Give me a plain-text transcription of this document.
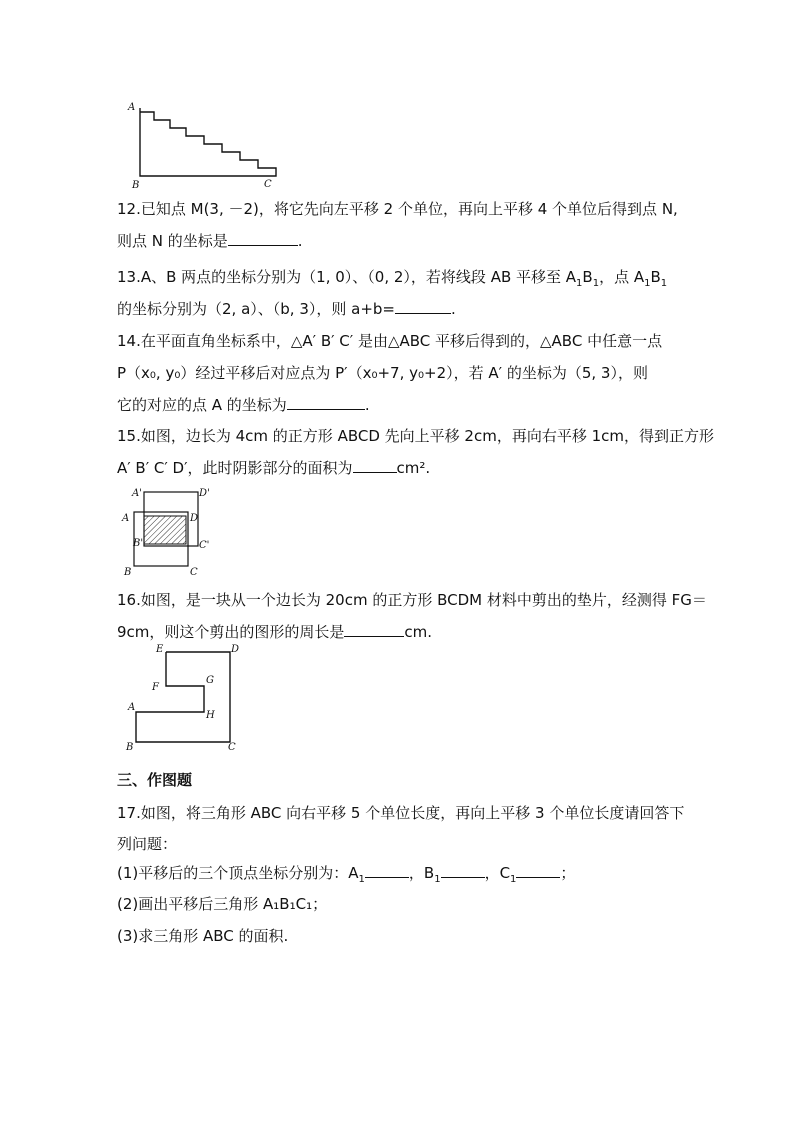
A
B	C
12.已知点 M(3, －2)，将它先向左平移 2 个单位，再向上平移 4 个单位后得到点 N,
则点 N 的坐标是	.
13.A、B 两点的坐标分别为（1, 0）、（0, 2），若将线段 AB 平移至 $A_1B_1$，点 $A_1B_1$
的坐标分别为（2, a）、（b, 3），则 a+b=	.
14.在平面直角坐标系中，△A′ B′ C′ 是由△ABC 平移后得到的，△ABC 中任意一点
P（x₀, y₀）经过平移后对应点为 P′（x₀+7, y₀+2），若 A′ 的坐标为（5, 3），则
它的对应的点 A 的坐标为	.
15.如图，边长为 4cm 的正方形 ABCD 先向上平移 2cm，再向右平移 1cm，得到正方形
A′ B′ C′ D′，此时阴影部分的面积为	cm².
A'	D'
A	D
B'	C'
B	C
16.如图，是一块从一个边长为 20cm 的正方形 BCDM 材料中剪出的垫片，经测得 FG＝
9cm，则这个剪出的图形的周长是	cm.
E	D
F
G
A
H
B	C
三、作图题
17.如图，将三角形 ABC 向右平移 5 个单位长度，再向上平移 3 个单位长度请回答下
列问题：
(1)平移后的三个顶点坐标分别为：$A_1$	，$B_1$	，$C_1$	；
(2)画出平移后三角形 A₁B₁C₁；
(3)求三角形 ABC 的面积.
